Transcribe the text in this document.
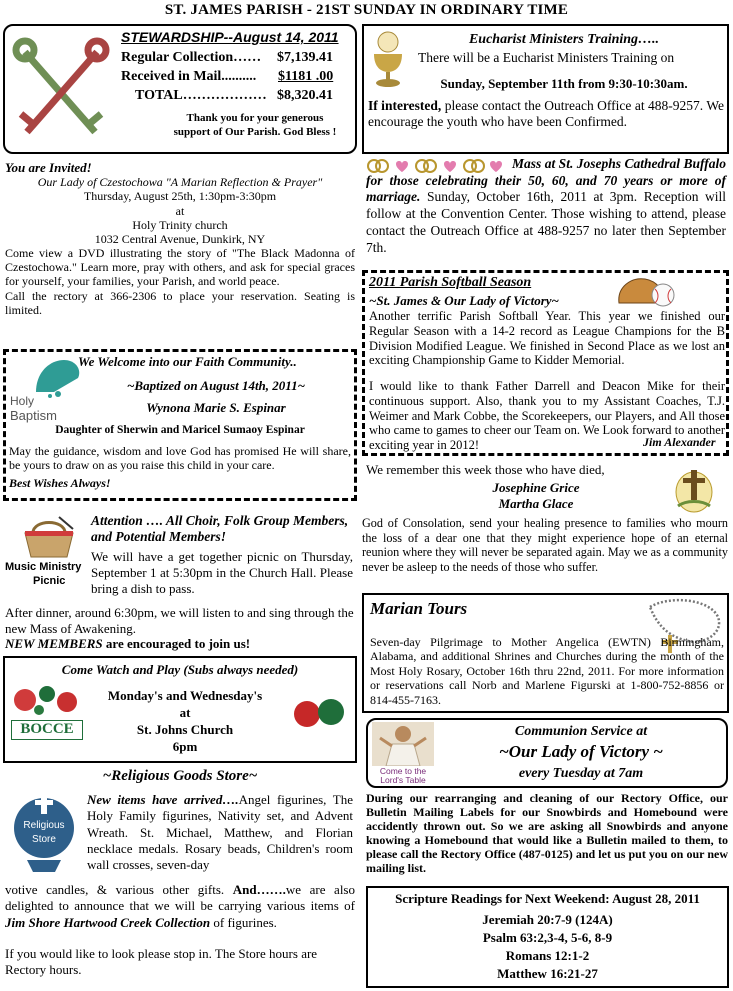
ST. JAMES PARISH - 21ST SUNDAY IN ORDINARY TIME
STEWARDSHIP--August 14, 2011
Regular Collection…… $7,139.41
Received in Mail.......... $1181 .00
TOTAL……………… $8,320.41
Thank you for your generous
support of Our Parish. God Bless !
You are Invited!
Our Lady of Czestochowa "A Marian Reflection & Prayer"
Thursday, August 25th, 1:30pm-3:30pm
at
Holy Trinity church
1032 Central Avenue, Dunkirk, NY

Come view a DVD illustrating the story of "The Black Madonna of Czestochowa." Learn more, pray with others, and ask for special graces for yourself, your families, your Parish, and world peace.

Call the rectory at 366-2306 to place your reservation. Seating is limited.

Holy
Baptism
We Welcome into our Faith Community..
~Baptized on August 14th, 2011~
Wynona Marie S. Espinar
Daughter of Sherwin and Maricel Sumaoy Espinar

May the guidance, wisdom and love God has promised He will share, be yours to draw on as you raise this child in your care.

Best Wishes Always!
Music Ministry
Picnic
Attention …. All Choir, Folk Group Members, and Potential Members!
We will have a get together picnic on Thursday, September 1 at 5:30pm in the Church Hall. Please bring a dish to pass.
After dinner, around 6:30pm, we will listen to and sing through the new Mass of Awakening.
NEW MEMBERS are encouraged to join us!
Come Watch and Play (Subs always needed)
BOCCE
Monday's and Wednesday's
at
St. Johns Church
6pm
~Religious Goods Store~
Religious
Store
New items have arrived….Angel figurines, The Holy Family figurines, Nativity set, and Advent Wreath. St. Michael, Matthew, and Florian necklace medals. Rosary beads, Children's room wall crosses, seven-day
votive candles, & various other gifts. And…….we are also delighted to announce that we will be carrying various items of Jim Shore Hartwood Creek Collection of figurines.

If you would like to look please stop in. The Store hours are Rectory hours.

Eucharist Ministers Training…..
There will be a Eucharist Ministers Training on
Sunday, September 11th from 9:30-10:30am.

If interested, please contact the Outreach Office at 488-9257. We encourage the youth who have been Confirmed.

Mass at St. Josephs Cathedral Buffalo for those celebrating their 50, 60, and 70 years or more of marriage. Sunday, October 16th, 2011 at 3pm. Reception will follow at the Convention Center. Those wishing to attend, please contact the Outreach Office at 488-9257 no later then September 7th.

2011 Parish Softball Season
~St. James & Our Lady of Victory~

Another terrific Parish Softball Year. This year we finished our Regular Season with a 14-2 record as League Champions for the B Division Modified League. We finished in Second Place as we lost an exciting Championship Game to Kidder Memorial.

I would like to thank Father Darrell and Deacon Mike for their continuous support. Also, thank you to my Assistant Coaches, T.J. Weimer and Mark Cobbe, the Scorekeepers, our Players, and All those who came to games to cheer our Team on. We Look forward to another exciting year in 2012!	Jim Alexander
We remember this week those who have died,
Josephine Grice
Martha Glace

God of Consolation, send your healing presence to families who mourn the loss of a dear one that they might experience hope of an eternal reunion where they will never be separated again. May we as a community never be asleep to the needs of those who suffer.

Marian Tours

Seven-day Pilgrimage to Mother Angelica (EWTN) Birmingham, Alabama, and additional Shrines and Churches during the month of the Most Holy Rosary, October 16th thru 22nd, 2011. For more information or reservations call Norb and Marlene Figurski at 1-800-752-8856 or 814-455-7163.

Come to the
Lord's Table
Communion Service at
~Our Lady of Victory ~
every Tuesday at 7am

During our rearranging and cleaning of our Rectory Office, our Bulletin Mailing Labels for our Snowbirds and Homebound were accidently thrown out. So we are asking all Snowbirds and anyone knowing a Homebound that would like a Bulletin mailed to them, to please call the Rectory Office (487-0125) and let us put you on our new mailing list.

Scripture Readings for Next Weekend: August 28, 2011
Jeremiah 20:7-9 (124A)
Psalm 63:2,3-4, 5-6, 8-9
Romans 12:1-2
Matthew 16:21-27
